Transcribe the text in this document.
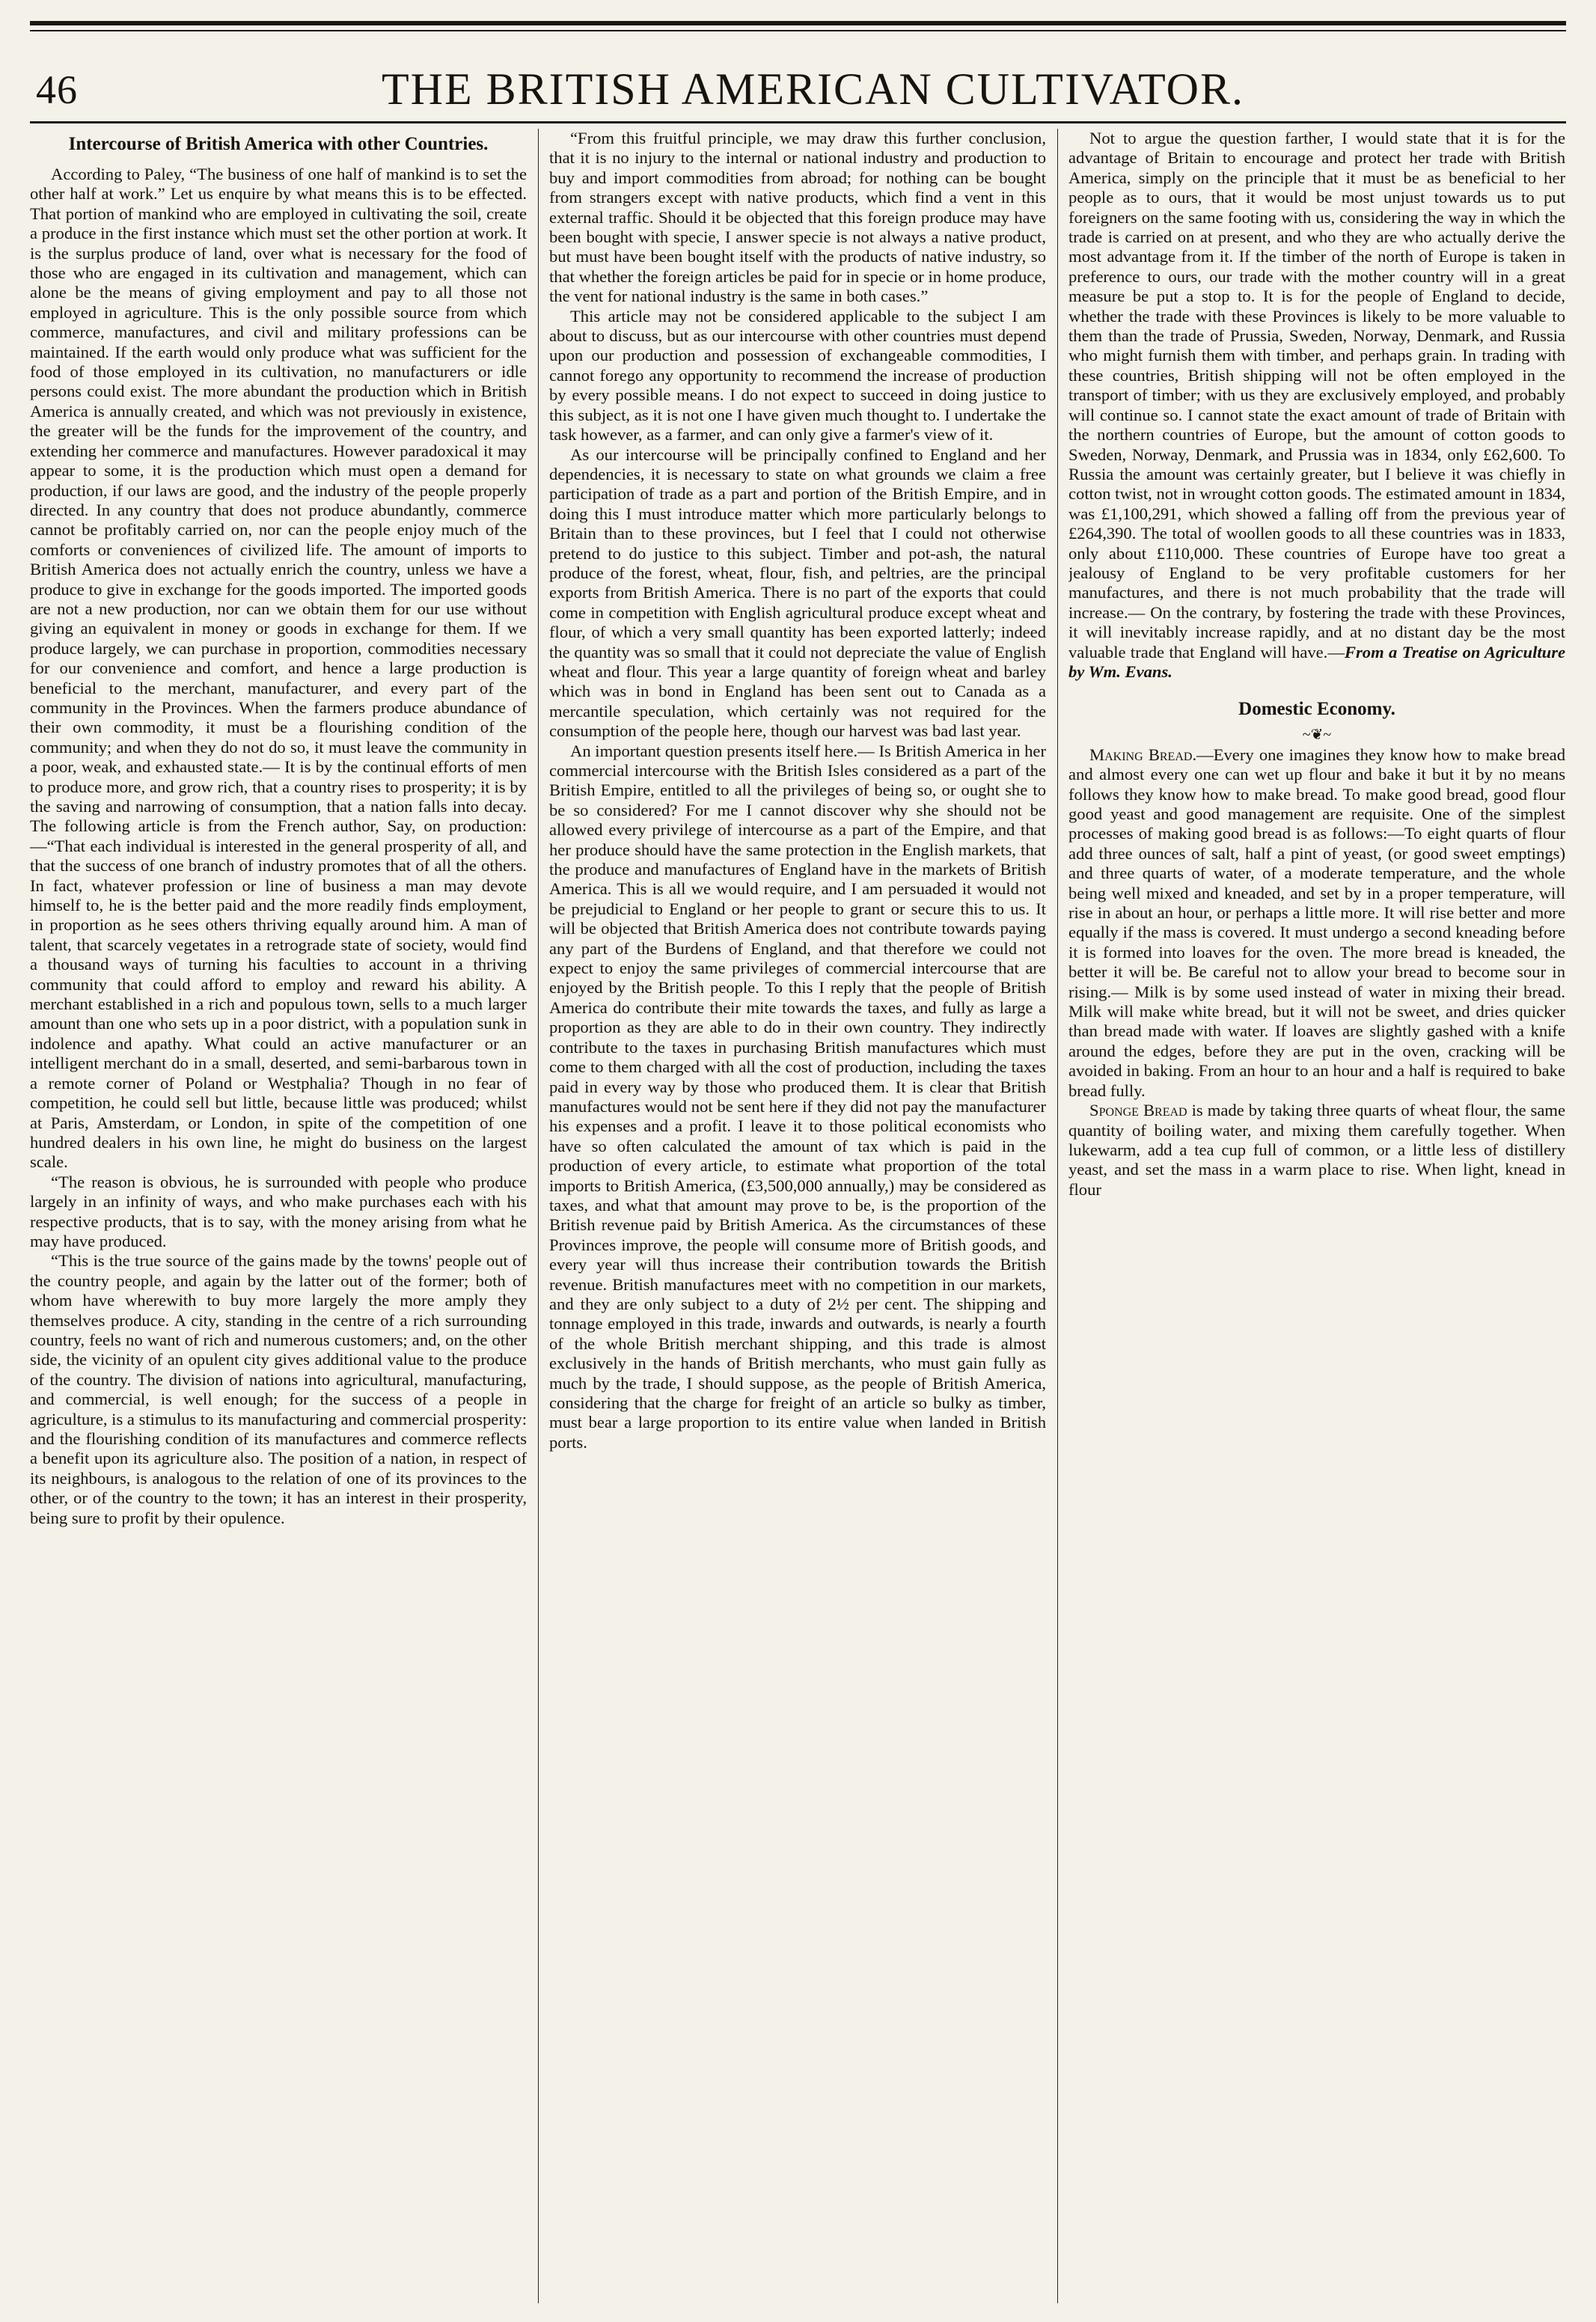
46	THE BRITISH AMERICAN CULTIVATOR.
Intercourse of British America with other Countries.

According to Paley, “The business of one half of mankind is to set the other half at work.” Let us enquire by what means this is to be effected. That portion of mankind who are employed in cultivating the soil, create a produce in the first instance which must set the other portion at work. It is the surplus produce of land, over what is necessary for the food of those who are engaged in its cultivation and management, which can alone be the means of giving employment and pay to all those not employed in agriculture. This is the only possible source from which commerce, manufactures, and civil and military professions can be maintained. If the earth would only produce what was sufficient for the food of those employed in its cultivation, no manufacturers or idle persons could exist. The more abundant the production which in British America is annually created, and which was not previously in existence, the greater will be the funds for the improvement of the country, and extending her commerce and manufactures. However paradoxical it may appear to some, it is the production which must open a demand for production, if our laws are good, and the industry of the people properly directed. In any country that does not produce abundantly, commerce cannot be profitably carried on, nor can the people enjoy much of the comforts or conveniences of civilized life. The amount of imports to British America does not actually enrich the country, unless we have a produce to give in exchange for the goods imported. The imported goods are not a new production, nor can we obtain them for our use without giving an equivalent in money or goods in exchange for them. If we produce largely, we can purchase in proportion, commodities necessary for our convenience and comfort, and hence a large production is beneficial to the merchant, manufacturer, and every part of the community in the Provinces. When the farmers produce abundance of their own commodity, it must be a flourishing condition of the community; and when they do not do so, it must leave the community in a poor, weak, and exhausted state.— It is by the continual efforts of men to produce more, and grow rich, that a country rises to prosperity; it is by the saving and narrowing of consumption, that a nation falls into decay. The following article is from the French author, Say, on production:—“That each individual is interested in the general prosperity of all, and that the success of one branch of industry promotes that of all the others. In fact, whatever profession or line of business a man may devote himself to, he is the better paid and the more readily finds employment, in proportion as he sees others thriving equally around him. A man of talent, that scarcely vegetates in a retrograde state of society, would find a thousand ways of turning his faculties to account in a thriving community that could afford to employ and reward his ability. A merchant established in a rich and populous town, sells to a much larger amount than one who sets up in a poor district, with a population sunk in indolence and apathy. What could an active manufacturer or an intelligent merchant do in a small, deserted, and semi-barbarous town in a remote corner of Poland or Westphalia? Though in no fear of competition, he could sell but little, because little was produced; whilst at Paris, Amsterdam, or London, in spite of the competition of one hundred dealers in his own line, he might do business on the largest scale.

“The reason is obvious, he is surrounded with people who produce largely in an infinity of ways, and who make purchases each with his respective products, that is to say, with the money arising from what he may have produced.

“This is the true source of the gains made by the towns' people out of the country people, and again by the latter out of the former; both of whom have wherewith to buy more largely the more amply they themselves produce. A city, standing in the centre of a rich surrounding country, feels no want of rich and numerous customers; and, on the other side, the vicinity of an opulent city gives additional value to the produce of the country. The division of nations into agricultural, manufacturing, and commercial, is well enough; for the success of a people in agriculture, is a stimulus to its manufacturing and commercial prosperity: and the flourishing condition of its manufactures and commerce reflects a benefit upon its agriculture also. The position of a nation, in respect of its neighbours, is analogous to the relation of one of its provinces to the other, or of the country to the town; it has an interest in their prosperity, being sure to profit by their opulence.

“From this fruitful principle, we may draw this further conclusion, that it is no injury to the internal or national industry and production to buy and import commodities from abroad; for nothing can be bought from strangers except with native products, which find a vent in this external traffic. Should it be objected that this foreign produce may have been bought with specie, I answer specie is not always a native product, but must have been bought itself with the products of native industry, so that whether the foreign articles be paid for in specie or in home produce, the vent for national industry is the same in both cases.”

This article may not be considered applicable to the subject I am about to discuss, but as our intercourse with other countries must depend upon our production and possession of exchangeable commodities, I cannot forego any opportunity to recommend the increase of production by every possible means. I do not expect to succeed in doing justice to this subject, as it is not one I have given much thought to. I undertake the task however, as a farmer, and can only give a farmer's view of it.

As our intercourse will be principally confined to England and her dependencies, it is necessary to state on what grounds we claim a free participation of trade as a part and portion of the British Empire, and in doing this I must introduce matter which more particularly belongs to Britain than to these provinces, but I feel that I could not otherwise pretend to do justice to this subject. Timber and pot-ash, the natural produce of the forest, wheat, flour, fish, and peltries, are the principal exports from British America. There is no part of the exports that could come in competition with English agricultural produce except wheat and flour, of which a very small quantity has been exported latterly; indeed the quantity was so small that it could not depreciate the value of English wheat and flour. This year a large quantity of foreign wheat and barley which was in bond in England has been sent out to Canada as a mercantile speculation, which certainly was not required for the consumption of the people here, though our harvest was bad last year.

An important question presents itself here.— Is British America in her commercial intercourse with the British Isles considered as a part of the British Empire, entitled to all the privileges of being so, or ought she to be so considered? For me I cannot discover why she should not be allowed every privilege of intercourse as a part of the Empire, and that her produce should have the same protection in the English markets, that the produce and manufactures of England have in the markets of British America. This is all we would require, and I am persuaded it would not be prejudicial to England or her people to grant or secure this to us. It will be objected that British America does not contribute towards paying any part of the Burdens of England, and that therefore we could not expect to enjoy the same privileges of commercial intercourse that are enjoyed by the British people. To this I reply that the people of British America do contribute their mite towards the taxes, and fully as large a proportion as they are able to do in their own country. They indirectly contribute to the taxes in purchasing British manufactures which must come to them charged with all the cost of production, including the taxes paid in every way by those who produced them. It is clear that British manufactures would not be sent here if they did not pay the manufacturer his expenses and a profit. I leave it to those political economists who have so often calculated the amount of tax which is paid in the production of every article, to estimate what proportion of the total imports to British America, (£3,500,000 annually,) may be considered as taxes, and what that amount may prove to be, is the proportion of the British revenue paid by British America. As the circumstances of these Provinces improve, the people will consume more of British goods, and every year will thus increase their contribution towards the British revenue. British manufactures meet with no competition in our markets, and they are only subject to a duty of 2½ per cent. The shipping and tonnage employed in this trade, inwards and outwards, is nearly a fourth of the whole British merchant shipping, and this trade is almost exclusively in the hands of British merchants, who must gain fully as much by the trade, I should suppose, as the people of British America, considering that the charge for freight of an article so bulky as timber, must bear a large proportion to its entire value when landed in British ports.

Not to argue the question farther, I would state that it is for the advantage of Britain to encourage and protect her trade with British America, simply on the principle that it must be as beneficial to her people as to ours, that it would be most unjust towards us to put foreigners on the same footing with us, considering the way in which the trade is carried on at present, and who they are who actually derive the most advantage from it. If the timber of the north of Europe is taken in preference to ours, our trade with the mother country will in a great measure be put a stop to. It is for the people of England to decide, whether the trade with these Provinces is likely to be more valuable to them than the trade of Prussia, Sweden, Norway, Denmark, and Russia who might furnish them with timber, and perhaps grain. In trading with these countries, British shipping will not be often employed in the transport of timber; with us they are exclusively employed, and probably will continue so. I cannot state the exact amount of trade of Britain with the northern countries of Europe, but the amount of cotton goods to Sweden, Norway, Denmark, and Prussia was in 1834, only £62,600. To Russia the amount was certainly greater, but I believe it was chiefly in cotton twist, not in wrought cotton goods. The estimated amount in 1834, was £1,100,291, which showed a falling off from the previous year of £264,390. The total of woollen goods to all these countries was in 1833, only about £110,000. These countries of Europe have too great a jealousy of England to be very profitable customers for her manufactures, and there is not much probability that the trade will increase.— On the contrary, by fostering the trade with these Provinces, it will inevitably increase rapidly, and at no distant day be the most valuable trade that England will have.—From a Treatise on Agriculture by Wm. Evans.

Domestic Economy.
~❦~

Making Bread.—Every one imagines they know how to make bread and almost every one can wet up flour and bake it but it by no means follows they know how to make bread. To make good bread, good flour good yeast and good management are requisite. One of the simplest processes of making good bread is as follows:—To eight quarts of flour add three ounces of salt, half a pint of yeast, (or good sweet emptings) and three quarts of water, of a moderate temperature, and the whole being well mixed and kneaded, and set by in a proper temperature, will rise in about an hour, or perhaps a little more. It will rise better and more equally if the mass is covered. It must undergo a second kneading before it is formed into loaves for the oven. The more bread is kneaded, the better it will be. Be careful not to allow your bread to become sour in rising.— Milk is by some used instead of water in mixing their bread. Milk will make white bread, but it will not be sweet, and dries quicker than bread made with water. If loaves are slightly gashed with a knife around the edges, before they are put in the oven, cracking will be avoided in baking. From an hour to an hour and a half is required to bake bread fully.

Sponge Bread is made by taking three quarts of wheat flour, the same quantity of boiling water, and mixing them carefully together. When lukewarm, add a tea cup full of common, or a little less of distillery yeast, and set the mass in a warm place to rise. When light, knead in flour
